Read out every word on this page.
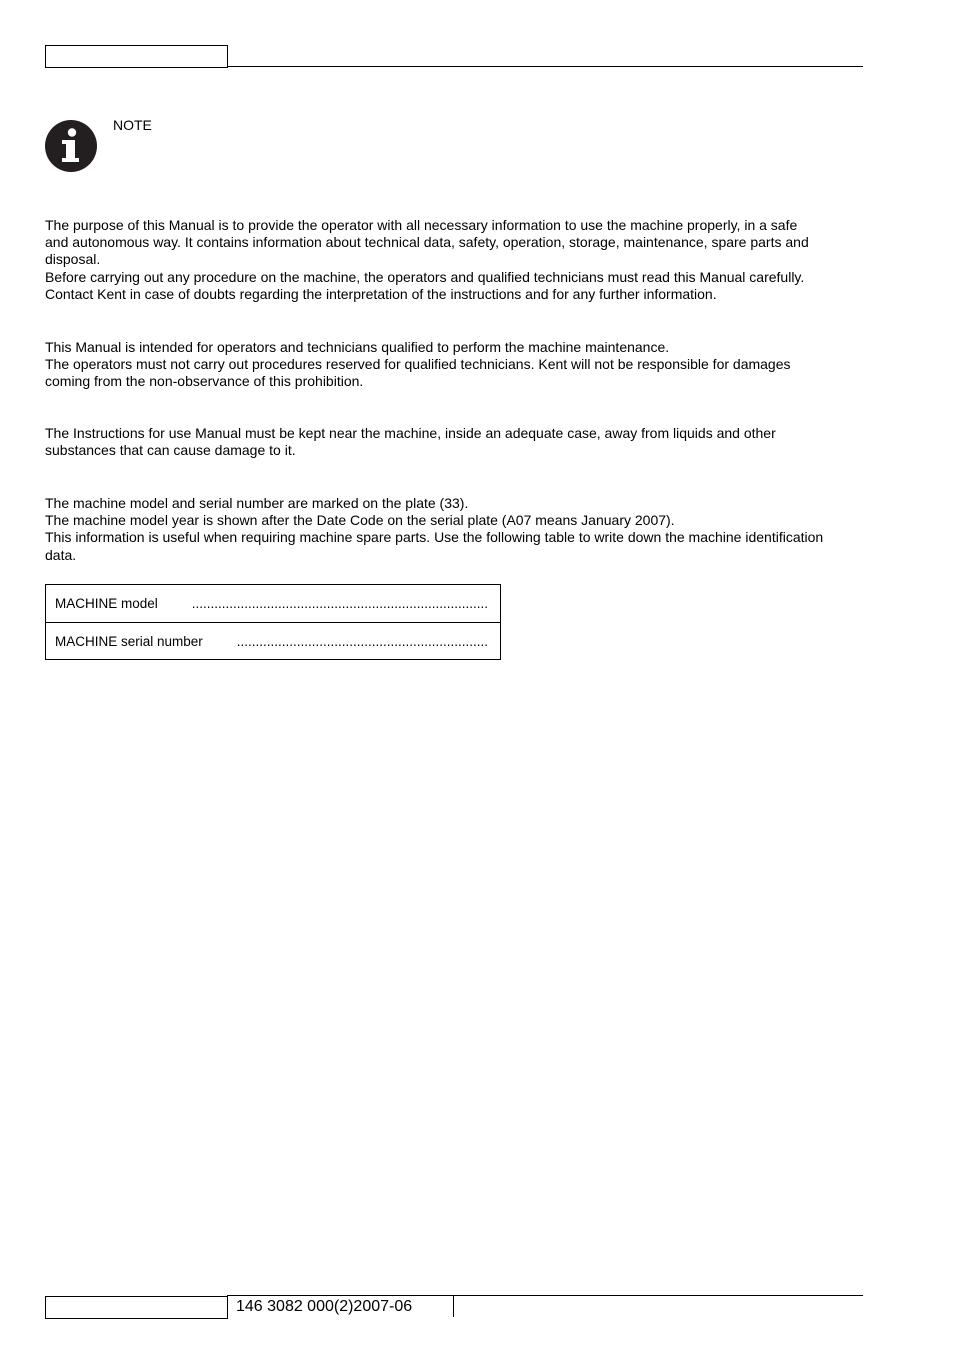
NOTE
The purpose of this Manual is to provide the operator with all necessary information to use the machine properly, in a safe
and autonomous way. It contains information about technical data, safety, operation, storage, maintenance, spare parts and
disposal.
Before carrying out any procedure on the machine, the operators and qualified technicians must read this Manual carefully.
Contact Kent in case of doubts regarding the interpretation of the instructions and for any further information.
This Manual is intended for operators and technicians qualified to perform the machine maintenance.
The operators must not carry out procedures reserved for qualified technicians. Kent will not be responsible for damages
coming from the non-observance of this prohibition.
The Instructions for use Manual must be kept near the machine, inside an adequate case, away from liquids and other
substances that can cause damage to it.
The machine model and serial number are marked on the plate (33).
The machine model year is shown after the Date Code on the serial plate (A07 means January 2007).
This information is useful when requiring machine spare parts. Use the following table to write down the machine identification
data.
MACHINE model	...............................................................................
MACHINE serial number	...................................................................
146 3082 000(2)2007-06
